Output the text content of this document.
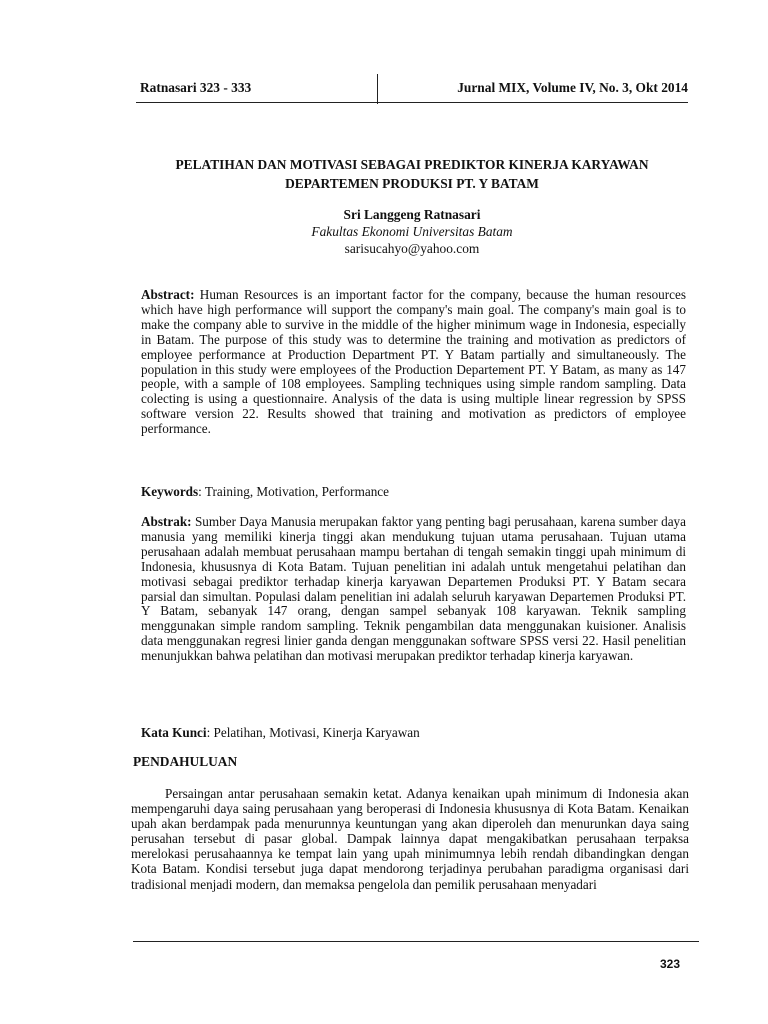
Ratnasari 323 - 333	Jurnal MIX, Volume IV, No. 3, Okt 2014
PELATIHAN DAN MOTIVASI SEBAGAI PREDIKTOR KINERJA KARYAWAN
DEPARTEMEN PRODUKSI PT. Y BATAM
Sri Langgeng Ratnasari
Fakultas Ekonomi Universitas Batam
sarisucahyo@yahoo.com
Abstract: Human Resources is an important factor for the company, because the human resources which have high performance will support the company's main goal. The company's main goal is to make the company able to survive in the middle of the higher minimum wage in Indonesia, especially in Batam. The purpose of this study was to determine the training and motivation as predictors of employee performance at Production Department PT. Y Batam partially and simultaneously. The population in this study were employees of the Production Departement PT. Y Batam, as many as 147 people, with a sample of 108 employees. Sampling techniques using simple random sampling. Data colecting is using a questionnaire. Analysis of the data is using multiple linear regression by SPSS software version 22. Results showed that training and motivation as predictors of employee performance.
Keywords: Training, Motivation, Performance
Abstrak: Sumber Daya Manusia merupakan faktor yang penting bagi perusahaan, karena sumber daya manusia yang memiliki kinerja tinggi akan mendukung tujuan utama perusahaan. Tujuan utama perusahaan adalah membuat perusahaan mampu bertahan di tengah semakin tinggi upah minimum di Indonesia, khususnya di Kota Batam. Tujuan penelitian ini adalah untuk mengetahui pelatihan dan motivasi sebagai prediktor terhadap kinerja karyawan Departemen Produksi PT. Y Batam secara parsial dan simultan. Populasi dalam penelitian ini adalah seluruh karyawan Departemen Produksi PT. Y Batam, sebanyak 147 orang, dengan sampel sebanyak 108 karyawan. Teknik sampling menggunakan simple random sampling. Teknik pengambilan data menggunakan kuisioner. Analisis data menggunakan regresi linier ganda dengan menggunakan software SPSS versi 22. Hasil penelitian menunjukkan bahwa pelatihan dan motivasi merupakan prediktor terhadap kinerja karyawan.
Kata Kunci: Pelatihan, Motivasi, Kinerja Karyawan
PENDAHULUAN
Persaingan antar perusahaan semakin ketat. Adanya kenaikan upah minimum di Indonesia akan mempengaruhi daya saing perusahaan yang beroperasi di Indonesia khususnya di Kota Batam. Kenaikan upah akan berdampak pada menurunnya keuntungan yang akan diperoleh dan menurunkan daya saing perusahan tersebut di pasar global. Dampak lainnya dapat mengakibatkan perusahaan terpaksa merelokasi perusahaannya ke tempat lain yang upah minimumnya lebih rendah dibandingkan dengan Kota Batam. Kondisi tersebut juga dapat mendorong terjadinya perubahan paradigma organisasi dari tradisional menjadi modern, dan memaksa pengelola dan pemilik perusahaan menyadari
323
